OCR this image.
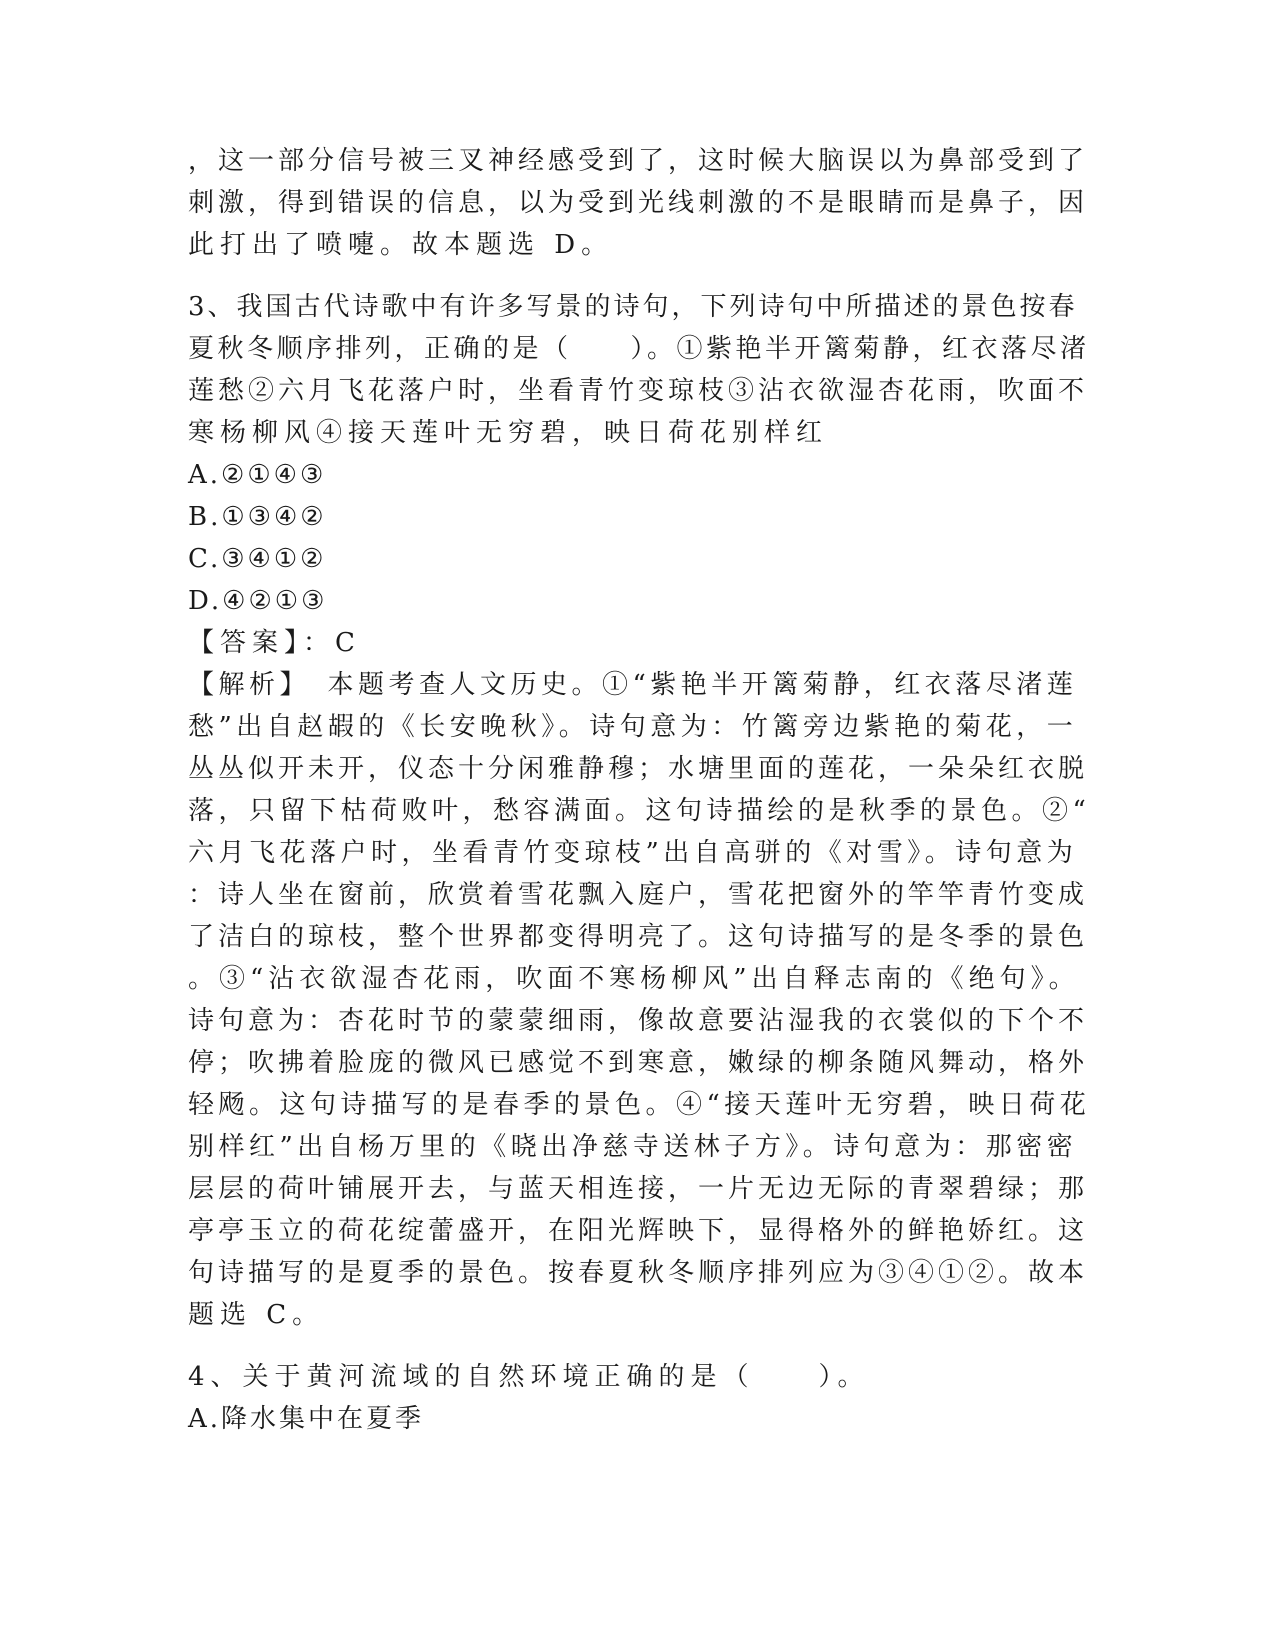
，这一部分信号被三叉神经感受到了，这时候大脑误以为鼻部受到了
刺激，得到错误的信息，以为受到光线刺激的不是眼睛而是鼻子，因
此打出了喷嚏。故本题选 D。
3、我国古代诗歌中有许多写景的诗句，下列诗句中所描述的景色按春
夏秋冬顺序排列，正确的是（　　）。①紫艳半开篱菊静，红衣落尽渚
莲愁②六月飞花落户时，坐看青竹变琼枝③沾衣欲湿杏花雨，吹面不
寒杨柳风④接天莲叶无穷碧，映日荷花别样红
A.②①④③
B.①③④②
C.③④①②
D.④②①③
【答案】：C
【解析】　本题考查人文历史。①“紫艳半开篱菊静，红衣落尽渚莲
愁”出自赵嘏的《长安晚秋》。诗句意为：竹篱旁边紫艳的菊花，一
丛丛似开未开，仪态十分闲雅静穆；水塘里面的莲花，一朵朵红衣脱
落，只留下枯荷败叶，愁容满面。这句诗描绘的是秋季的景色。②“
六月飞花落户时，坐看青竹变琼枝”出自高骈的《对雪》。诗句意为
：诗人坐在窗前，欣赏着雪花飘入庭户，雪花把窗外的竿竿青竹变成
了洁白的琼枝，整个世界都变得明亮了。这句诗描写的是冬季的景色
。③“沾衣欲湿杏花雨，吹面不寒杨柳风”出自释志南的《绝句》。
诗句意为：杏花时节的蒙蒙细雨，像故意要沾湿我的衣裳似的下个不
停；吹拂着脸庞的微风已感觉不到寒意，嫩绿的柳条随风舞动，格外
轻飏。这句诗描写的是春季的景色。④“接天莲叶无穷碧，映日荷花
别样红”出自杨万里的《晓出净慈寺送林子方》。诗句意为：那密密
层层的荷叶铺展开去，与蓝天相连接，一片无边无际的青翠碧绿；那
亭亭玉立的荷花绽蕾盛开，在阳光辉映下，显得格外的鲜艳娇红。这
句诗描写的是夏季的景色。按春夏秋冬顺序排列应为③④①②。故本
题选 C。
4、关于黄河流域的自然环境正确的是（　　）。
A.降水集中在夏季
